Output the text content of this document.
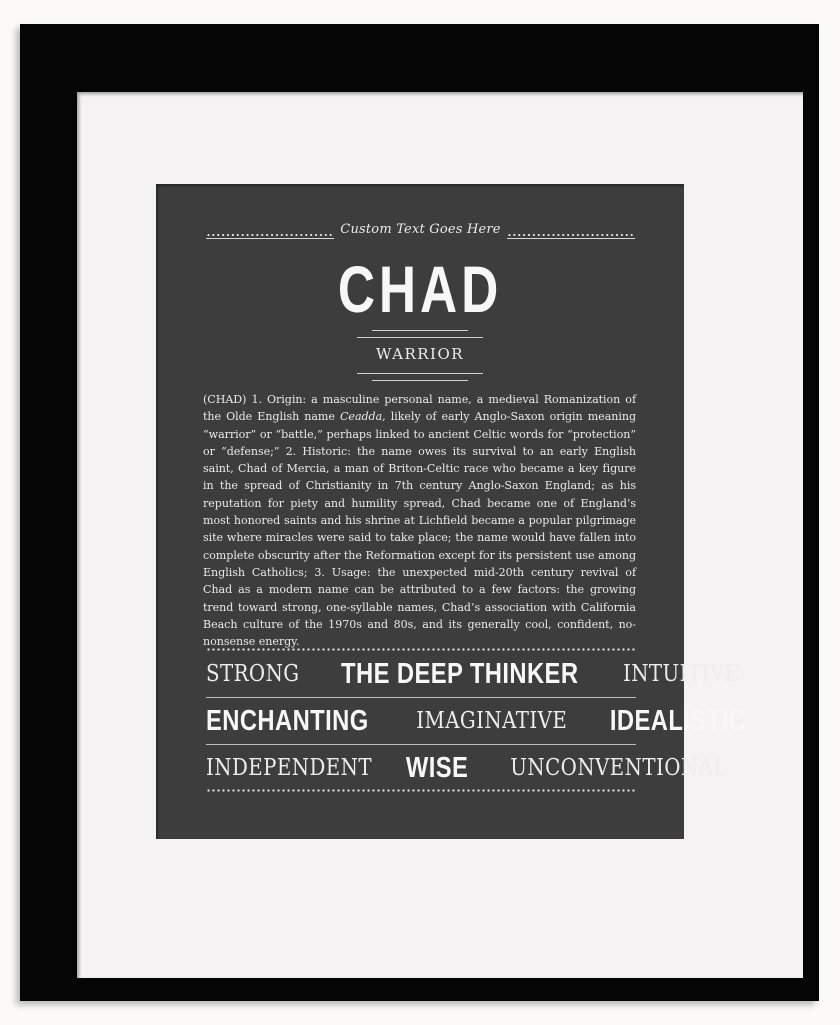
Custom Text Goes Here
CHAD
WARRIOR
(CHAD) 1. Origin: a masculine personal name, a medieval Romanization of the Olde English name Ceadda, likely of early Anglo-Saxon origin meaning “warrior” or “battle,” perhaps linked to ancient Celtic words for “protection” or “defense;” 2. Historic: the name owes its survival to an early English saint, Chad of Mercia, a man of Briton-Celtic race who became a key figure in the spread of Christianity in 7th century Anglo-Saxon England; as his reputation for piety and humility spread, Chad became one of England’s most honored saints and his shrine at Lichfield became a popular pilgrimage site where miracles were said to take place; the name would have fallen into complete obscurity after the Reformation except for its persistent use among English Catholics; 3. Usage: the unexpected mid-20th century revival of Chad as a modern name can be attributed to a few factors: the growing trend toward strong, one-syllable names, Chad’s association with California Beach culture of the 1970s and 80s, and its generally cool, confident, no-nonsense energy.
STRONG THE DEEP THINKER INTUITIVE
ENCHANTING IMAGINATIVE IDEALISTIC
INDEPENDENT WISE UNCONVENTIONAL
